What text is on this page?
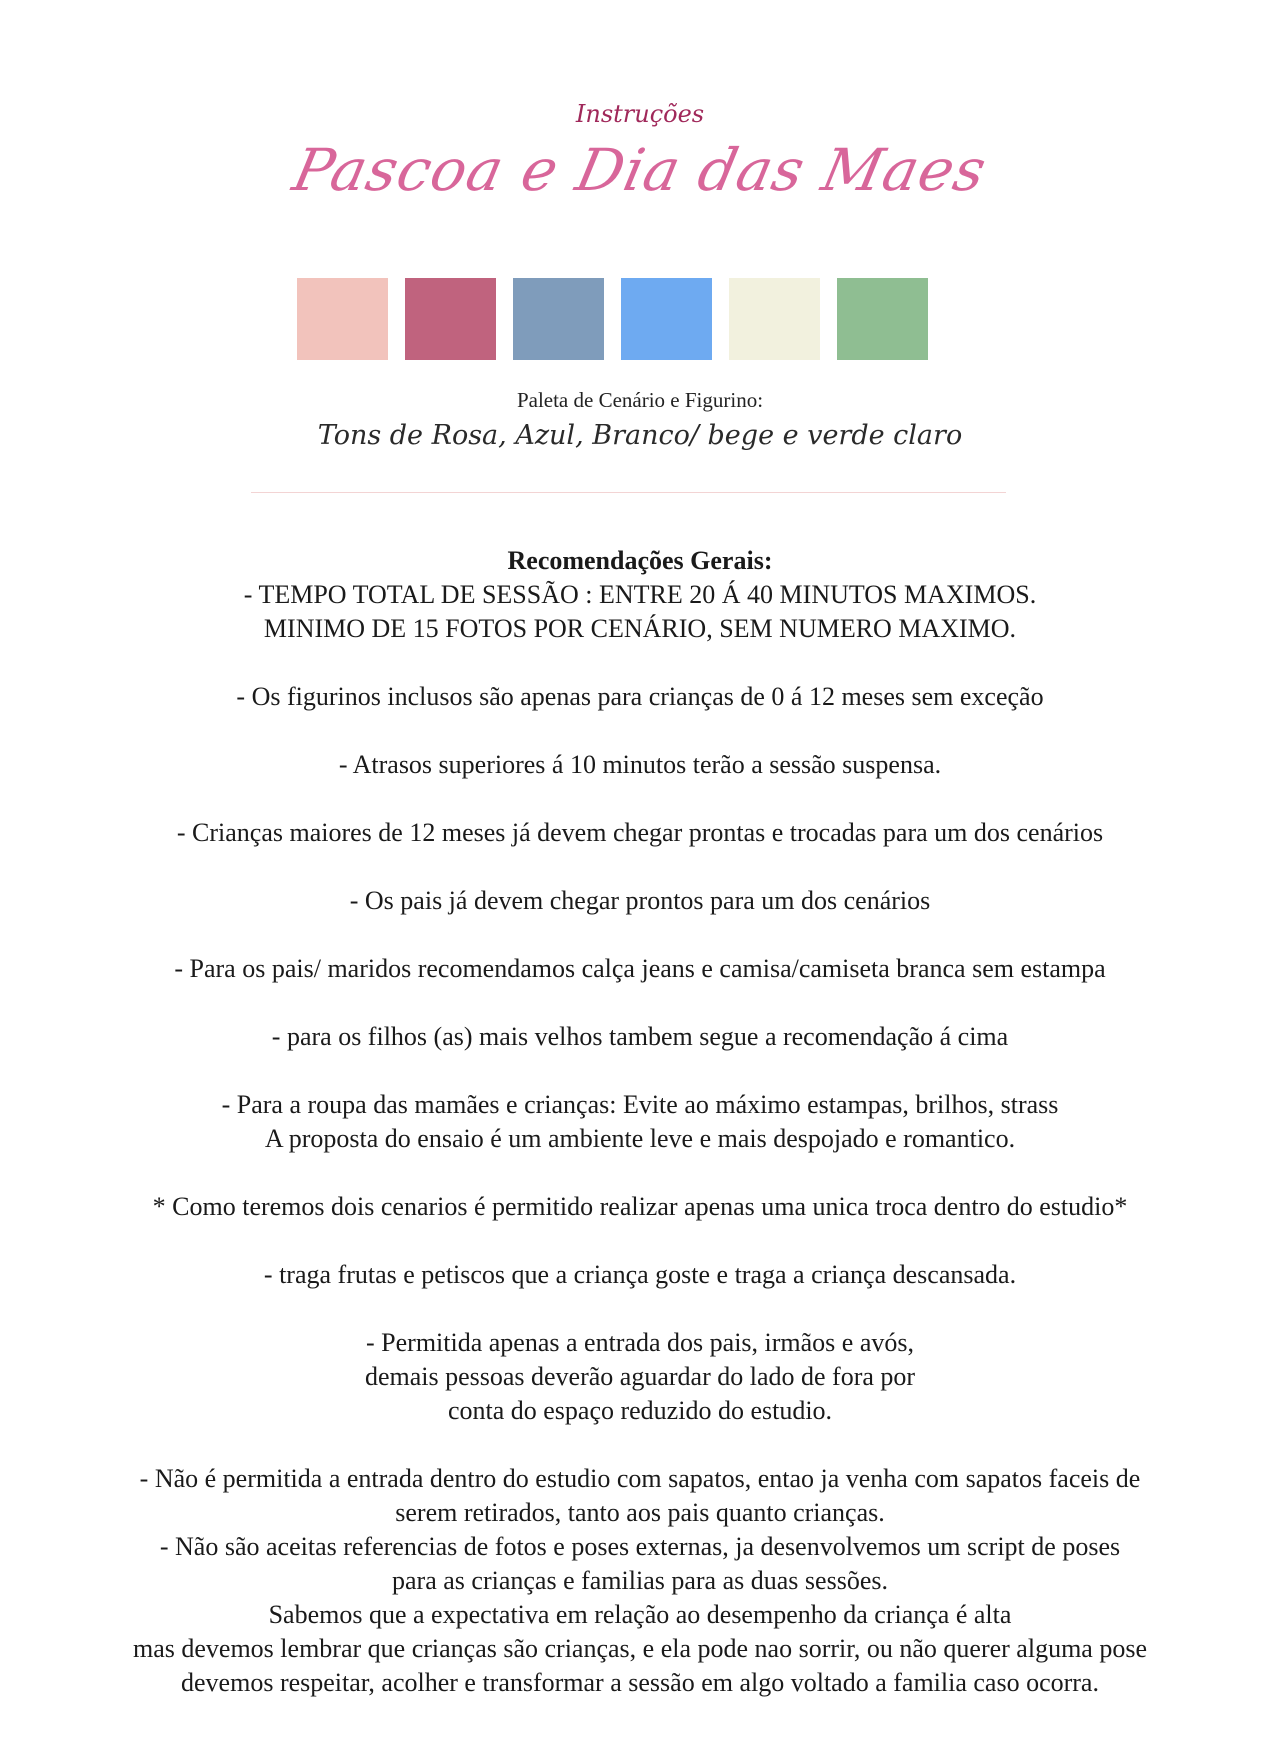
Instruções
Pascoa e Dia das Maes
Paleta de Cenário e Figurino:
Tons de Rosa, Azul, Branco/ bege e verde claro
Recomendações Gerais:
- TEMPO TOTAL DE SESSÃO : ENTRE 20 Á 40 MINUTOS MAXIMOS.
MINIMO DE 15 FOTOS POR CENÁRIO, SEM NUMERO MAXIMO.
- Os figurinos inclusos são apenas para crianças de 0 á 12 meses sem exceção
- Atrasos superiores á 10 minutos terão a sessão suspensa.
- Crianças maiores de 12 meses já devem chegar prontas e trocadas para um dos cenários
- Os pais já devem chegar prontos para um dos cenários
- Para os pais/ maridos recomendamos calça jeans e camisa/camiseta branca sem estampa
- para os filhos (as) mais velhos tambem segue a recomendação á cima
- Para a roupa das mamães e crianças: Evite ao máximo estampas, brilhos, strass
A proposta do ensaio é um ambiente leve e mais despojado e romantico.
* Como teremos dois cenarios é permitido realizar apenas uma unica troca dentro do estudio*
- traga frutas e petiscos que a criança goste e traga a criança descansada.
- Permitida apenas a entrada dos pais, irmãos e avós,
demais pessoas deverão aguardar do lado de fora por
conta do espaço reduzido do estudio.
- Não é permitida a entrada dentro do estudio com sapatos, entao ja venha com sapatos faceis de
serem retirados, tanto aos pais quanto crianças.
- Não são aceitas referencias de fotos e poses externas, ja desenvolvemos um script de poses
para as crianças e familias para as duas sessões.
Sabemos que a expectativa em relação ao desempenho da criança é alta
mas devemos lembrar que crianças são crianças, e ela pode nao sorrir, ou não querer alguma pose
devemos respeitar, acolher e transformar a sessão em algo voltado a familia caso ocorra.
